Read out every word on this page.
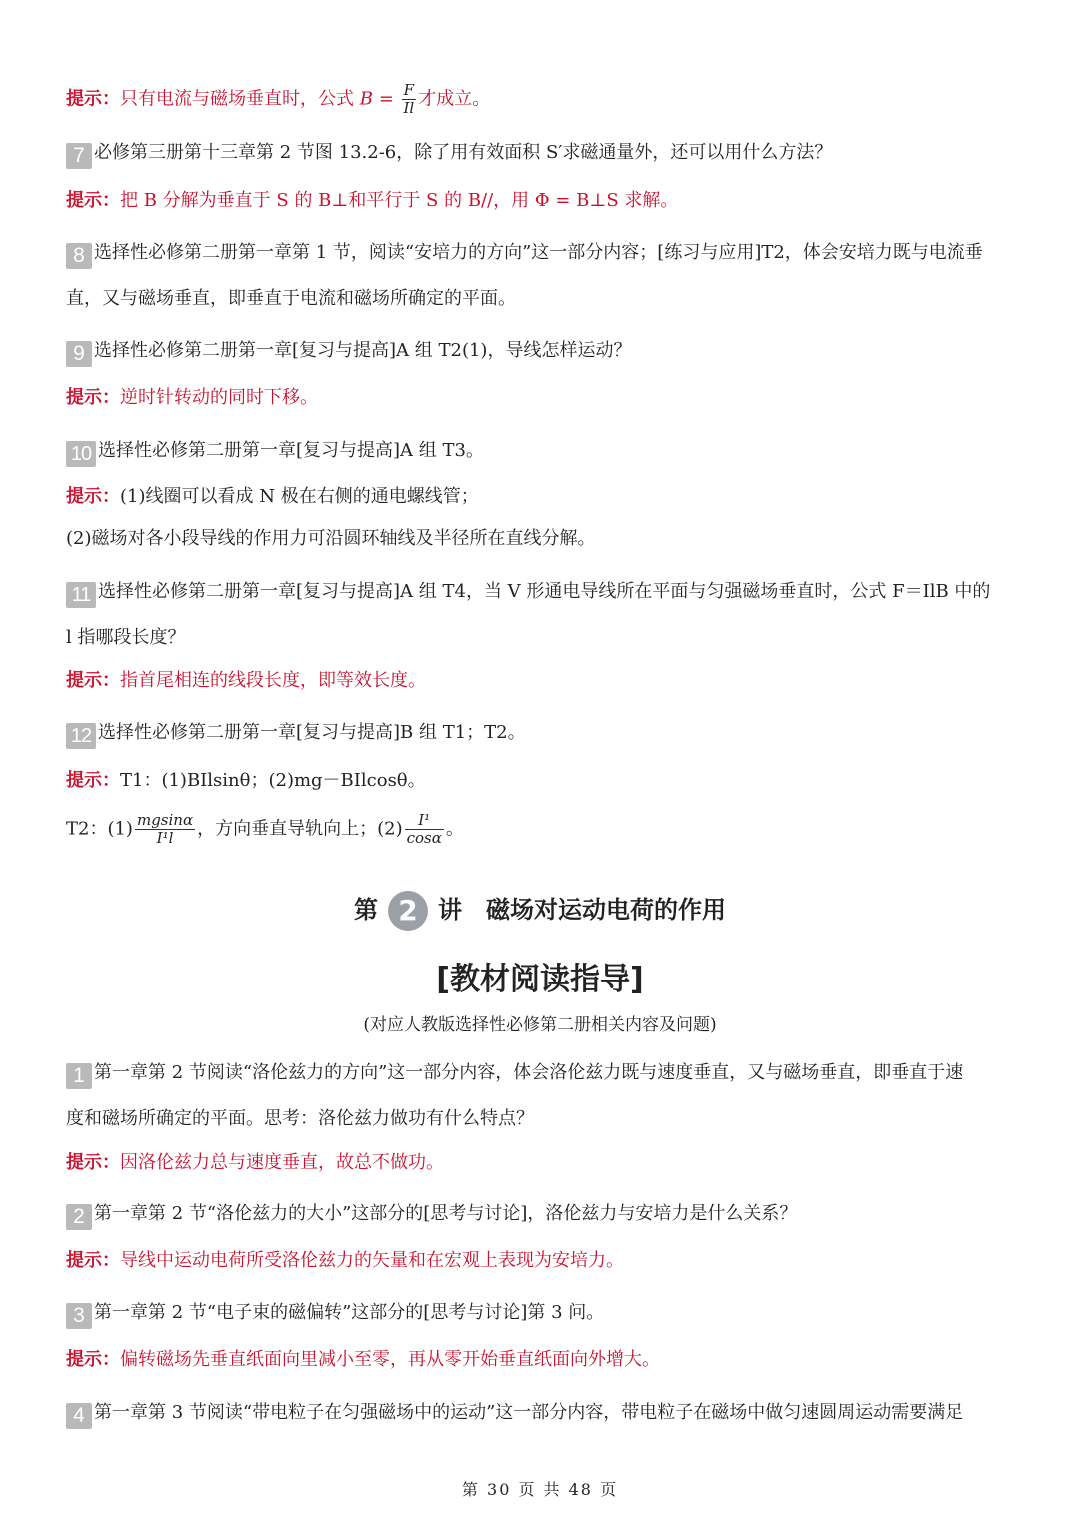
提示：只有电流与磁场垂直时，公式 $B = \frac{F}{Il}$ 才成立。
7 必修第三册第十三章第 2 节图 13.2-6，除了用有效面积 S′求磁通量外，还可以用什么方法？
提示：把 B 分解为垂直于 S 的 B⊥和平行于 S 的 B//，用 Φ = B⊥S 求解。
8 选择性必修第二册第一章第 1 节，阅读“安培力的方向”这一部分内容；[练习与应用]T2，体会安培力既与电流垂
直，又与磁场垂直，即垂直于电流和磁场所确定的平面。
9 选择性必修第二册第一章[复习与提高]A 组 T2(1)，导线怎样运动？
提示：逆时针转动的同时下移。
10 选择性必修第二册第一章[复习与提高]A 组 T3。
提示：(1)线圈可以看成 N 极在右侧的通电螺线管；
(2)磁场对各小段导线的作用力可沿圆环轴线及半径所在直线分解。
11 选择性必修第二册第一章[复习与提高]A 组 T4，当 V 形通电导线所在平面与匀强磁场垂直时，公式 F＝IlB 中的
l 指哪段长度？
提示：指首尾相连的线段长度，即等效长度。
12 选择性必修第二册第一章[复习与提高]B 组 T1；T2。
提示：T1：(1)BIlsinθ；(2)mg－BIlcosθ。
T2：$(1) \frac{mgsin\alpha}{\text{I¹l}}$ ，方向垂直导轨向上；$(2) \frac{\text{I¹}}{\cos\alpha}$ 。
第 2 讲　磁场对运动电荷的作用
[教材阅读指导]
(对应人教版选择性必修第二册相关内容及问题)
1 第一章第 2 节阅读“洛伦兹力的方向”这一部分内容，体会洛伦兹力既与速度垂直，又与磁场垂直，即垂直于速
度和磁场所确定的平面。思考：洛伦兹力做功有什么特点？
提示：因洛伦兹力总与速度垂直，故总不做功。
2 第一章第 2 节“洛伦兹力的大小”这部分的[思考与讨论]，洛伦兹力与安培力是什么关系？
提示：导线中运动电荷所受洛伦兹力的矢量和在宏观上表现为安培力。
3 第一章第 2 节“电子束的磁偏转”这部分的[思考与讨论]第 3 问。
提示：偏转磁场先垂直纸面向里减小至零，再从零开始垂直纸面向外增大。
4 第一章第 3 节阅读“带电粒子在匀强磁场中的运动”这一部分内容，带电粒子在磁场中做匀速圆周运动需要满足
第 30 页 共 48 页
